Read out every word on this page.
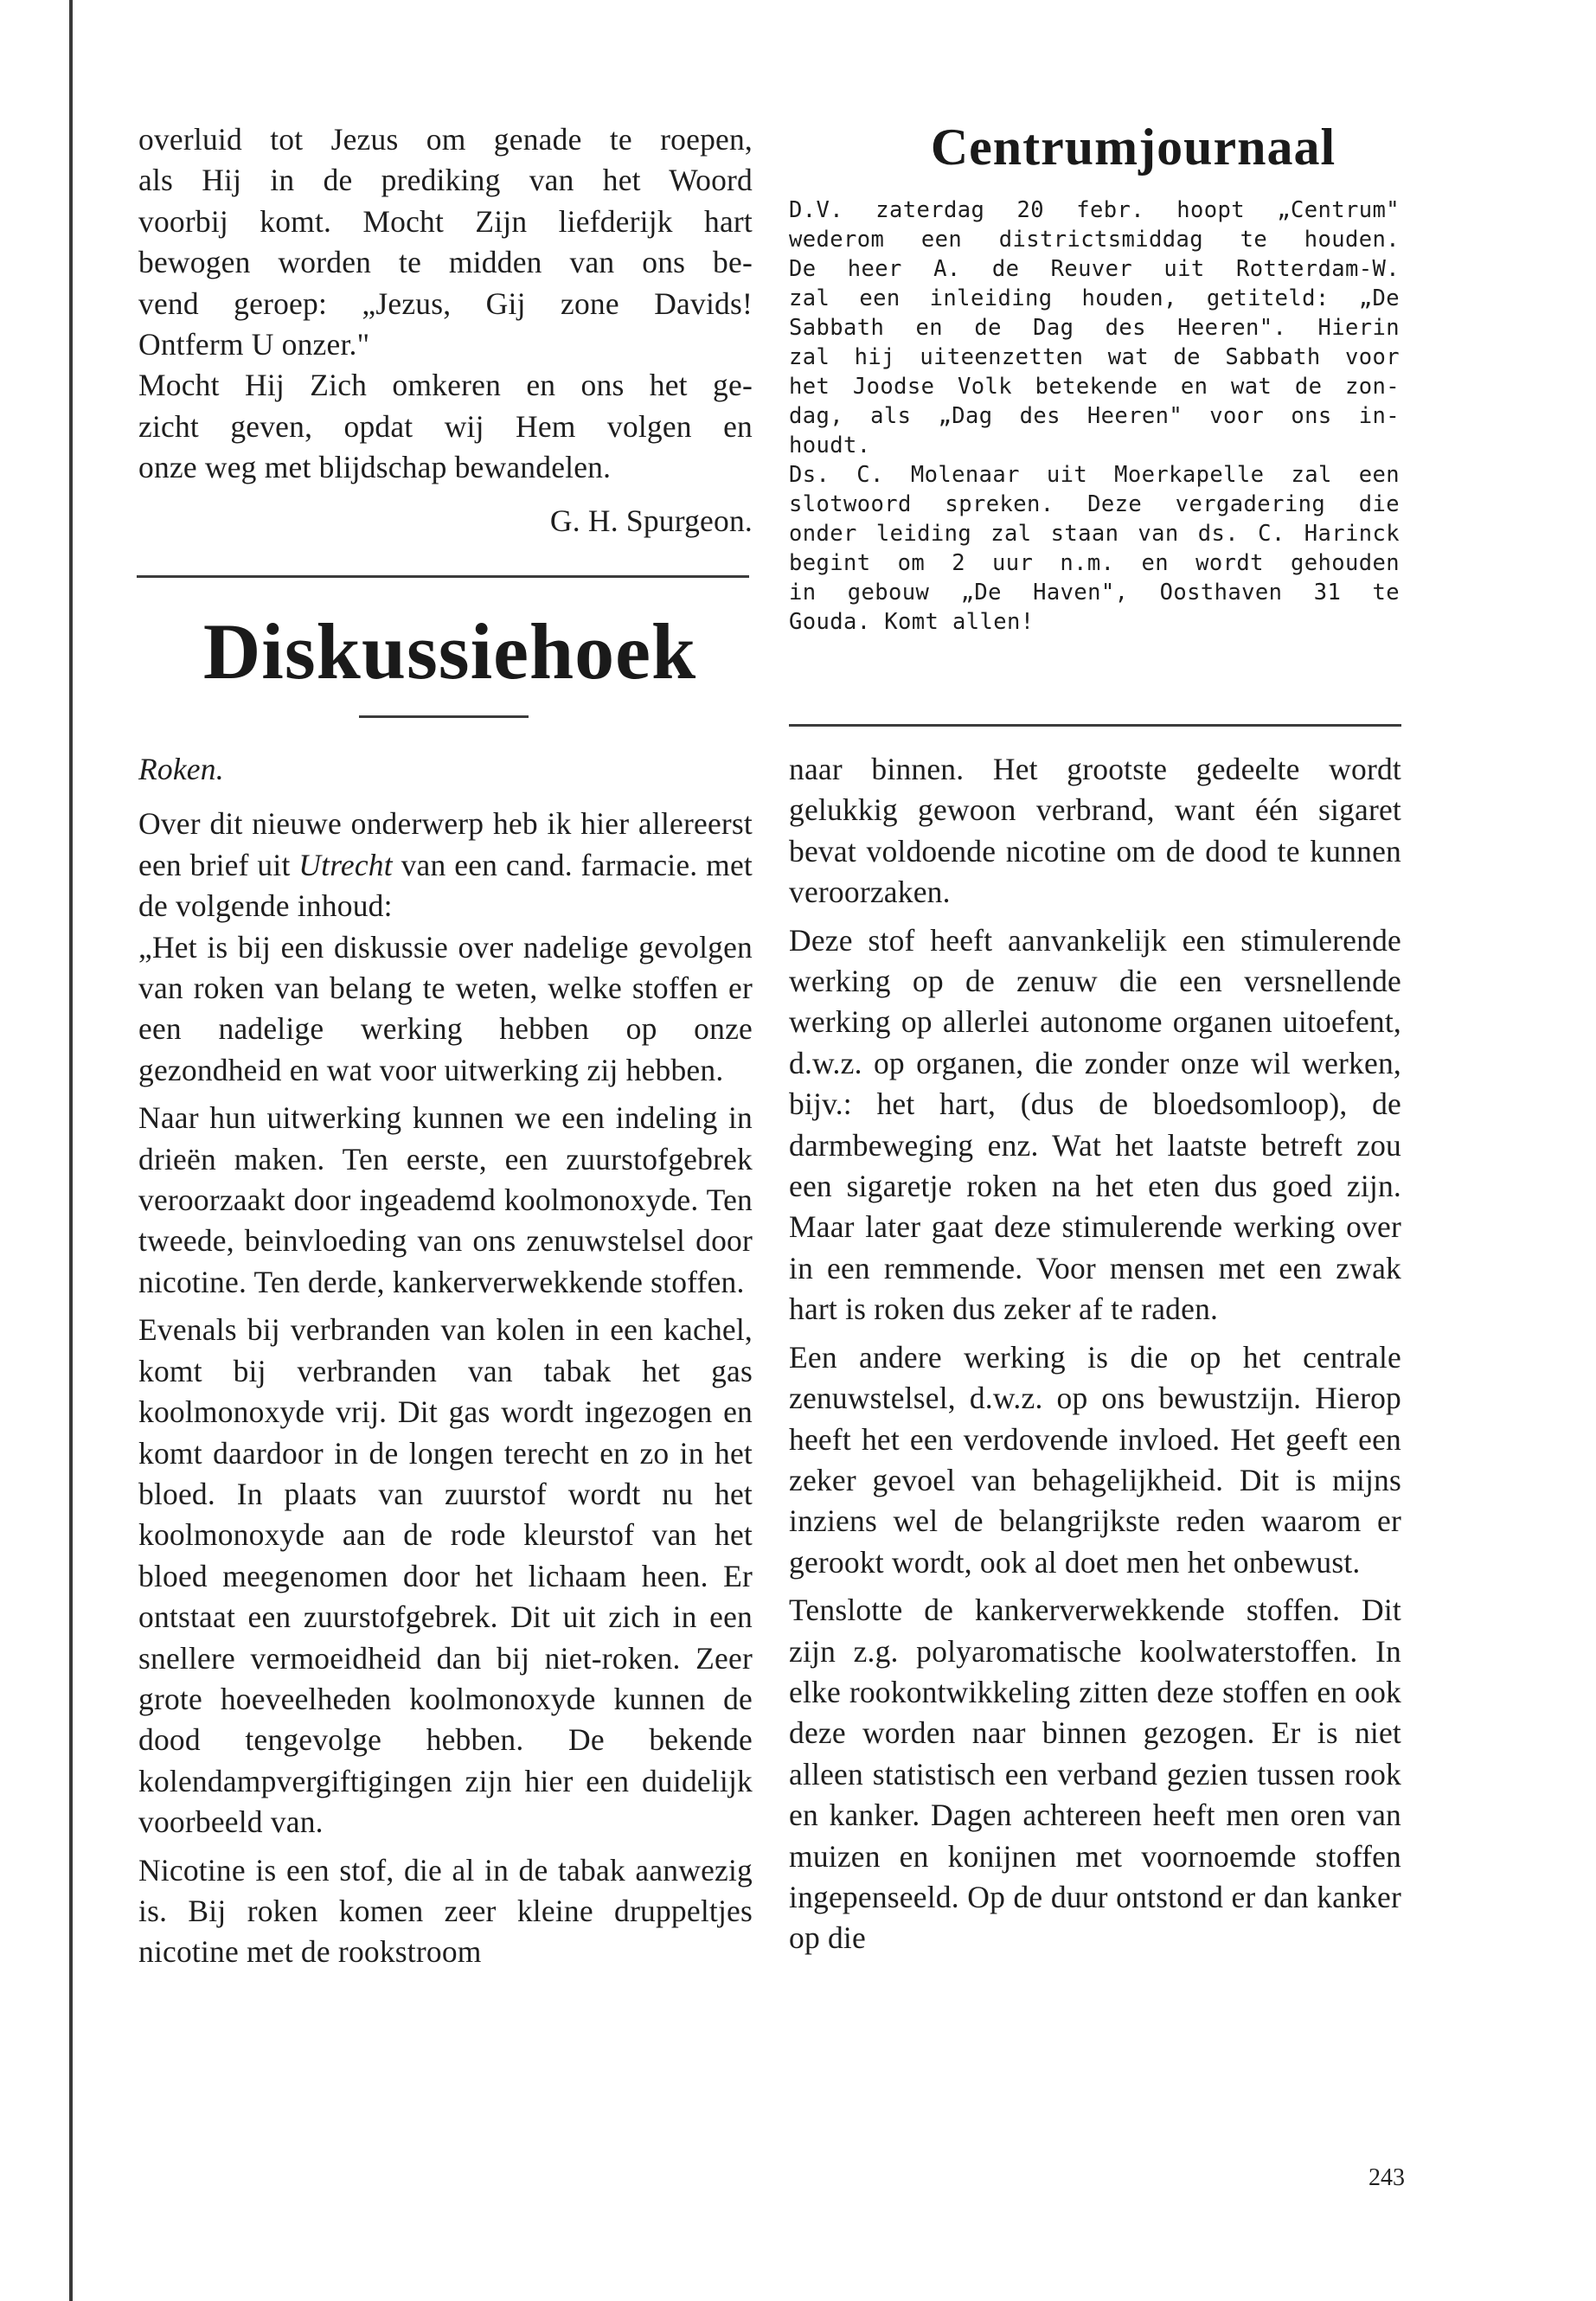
overluid tot Jezus om genade te roepen,
als Hij in de prediking van het Woord
voorbij komt. Mocht Zijn liefderijk hart
bewogen worden te midden van ons be-
vend geroep: „Jezus, Gij zone Davids!
Ontferm U onzer."
Mocht Hij Zich omkeren en ons het ge-
zicht geven, opdat wij Hem volgen en
onze weg met blijdschap bewandelen.

G. H. Spurgeon.

Diskussiehoek
Centrumjournaal
D.V. zaterdag 20 febr. hoopt „Centrum"
wederom een districtsmiddag te houden.
De heer A. de Reuver uit Rotterdam-W.
zal een inleiding houden, getiteld: „De
Sabbath en de Dag des Heeren". Hierin
zal hij uiteenzetten wat de Sabbath voor
het Joodse Volk betekende en wat de zon-
dag, als „Dag des Heeren" voor ons in-
houdt.
Ds. C. Molenaar uit Moerkapelle zal een
slotwoord spreken. Deze vergadering die
onder leiding zal staan van ds. C. Harinck
begint om 2 uur n.m. en wordt gehouden
in gebouw „De Haven", Oosthaven 31 te
Gouda. Komt allen!

Roken.

Over dit nieuwe onderwerp heb ik hier allereerst een brief uit Utrecht van een cand. farmacie. met de volgende inhoud:

„Het is bij een diskussie over nadelige gevolgen van roken van belang te weten, welke stoffen er een nadelige werking hebben op onze gezondheid en wat voor uitwerking zij hebben.

Naar hun uitwerking kunnen we een indeling in drieën maken. Ten eerste, een zuurstofgebrek veroorzaakt door ingeademd koolmonoxyde. Ten tweede, beinvloeding van ons zenuwstelsel door nicotine. Ten derde, kankerverwekkende stoffen.

Evenals bij verbranden van kolen in een kachel, komt bij verbranden van tabak het gas koolmonoxyde vrij. Dit gas wordt ingezogen en komt daardoor in de longen terecht en zo in het bloed. In plaats van zuurstof wordt nu het koolmonoxyde aan de rode kleurstof van het bloed meegenomen door het lichaam heen. Er ontstaat een zuurstofgebrek. Dit uit zich in een snellere vermoeidheid dan bij niet-roken. Zeer grote hoeveelheden koolmonoxyde kunnen de dood tengevolge hebben. De bekende kolendampvergiftigingen zijn hier een duidelijk voorbeeld van.

Nicotine is een stof, die al in de tabak aanwezig is. Bij roken komen zeer kleine druppeltjes nicotine met de rookstroom

naar binnen. Het grootste gedeelte wordt gelukkig gewoon verbrand, want één sigaret bevat voldoende nicotine om de dood te kunnen veroorzaken.

Deze stof heeft aanvankelijk een stimulerende werking op de zenuw die een versnellende werking op allerlei autonome organen uitoefent, d.w.z. op organen, die zonder onze wil werken, bijv.: het hart, (dus de bloedsomloop), de darmbeweging enz. Wat het laatste betreft zou een sigaretje roken na het eten dus goed zijn. Maar later gaat deze stimulerende werking over in een remmende. Voor mensen met een zwak hart is roken dus zeker af te raden.

Een andere werking is die op het centrale zenuwstelsel, d.w.z. op ons bewustzijn. Hierop heeft het een verdovende invloed. Het geeft een zeker gevoel van behagelijkheid. Dit is mijns inziens wel de belangrijkste reden waarom er gerookt wordt, ook al doet men het onbewust.

Tenslotte de kankerverwekkende stoffen. Dit zijn z.g. polyaromatische koolwaterstoffen. In elke rookontwikkeling zitten deze stoffen en ook deze worden naar binnen gezogen. Er is niet alleen statistisch een verband gezien tussen rook en kanker. Dagen achtereen heeft men oren van muizen en konijnen met voornoemde stoffen ingepenseeld. Op de duur ontstond er dan kanker op die

243
